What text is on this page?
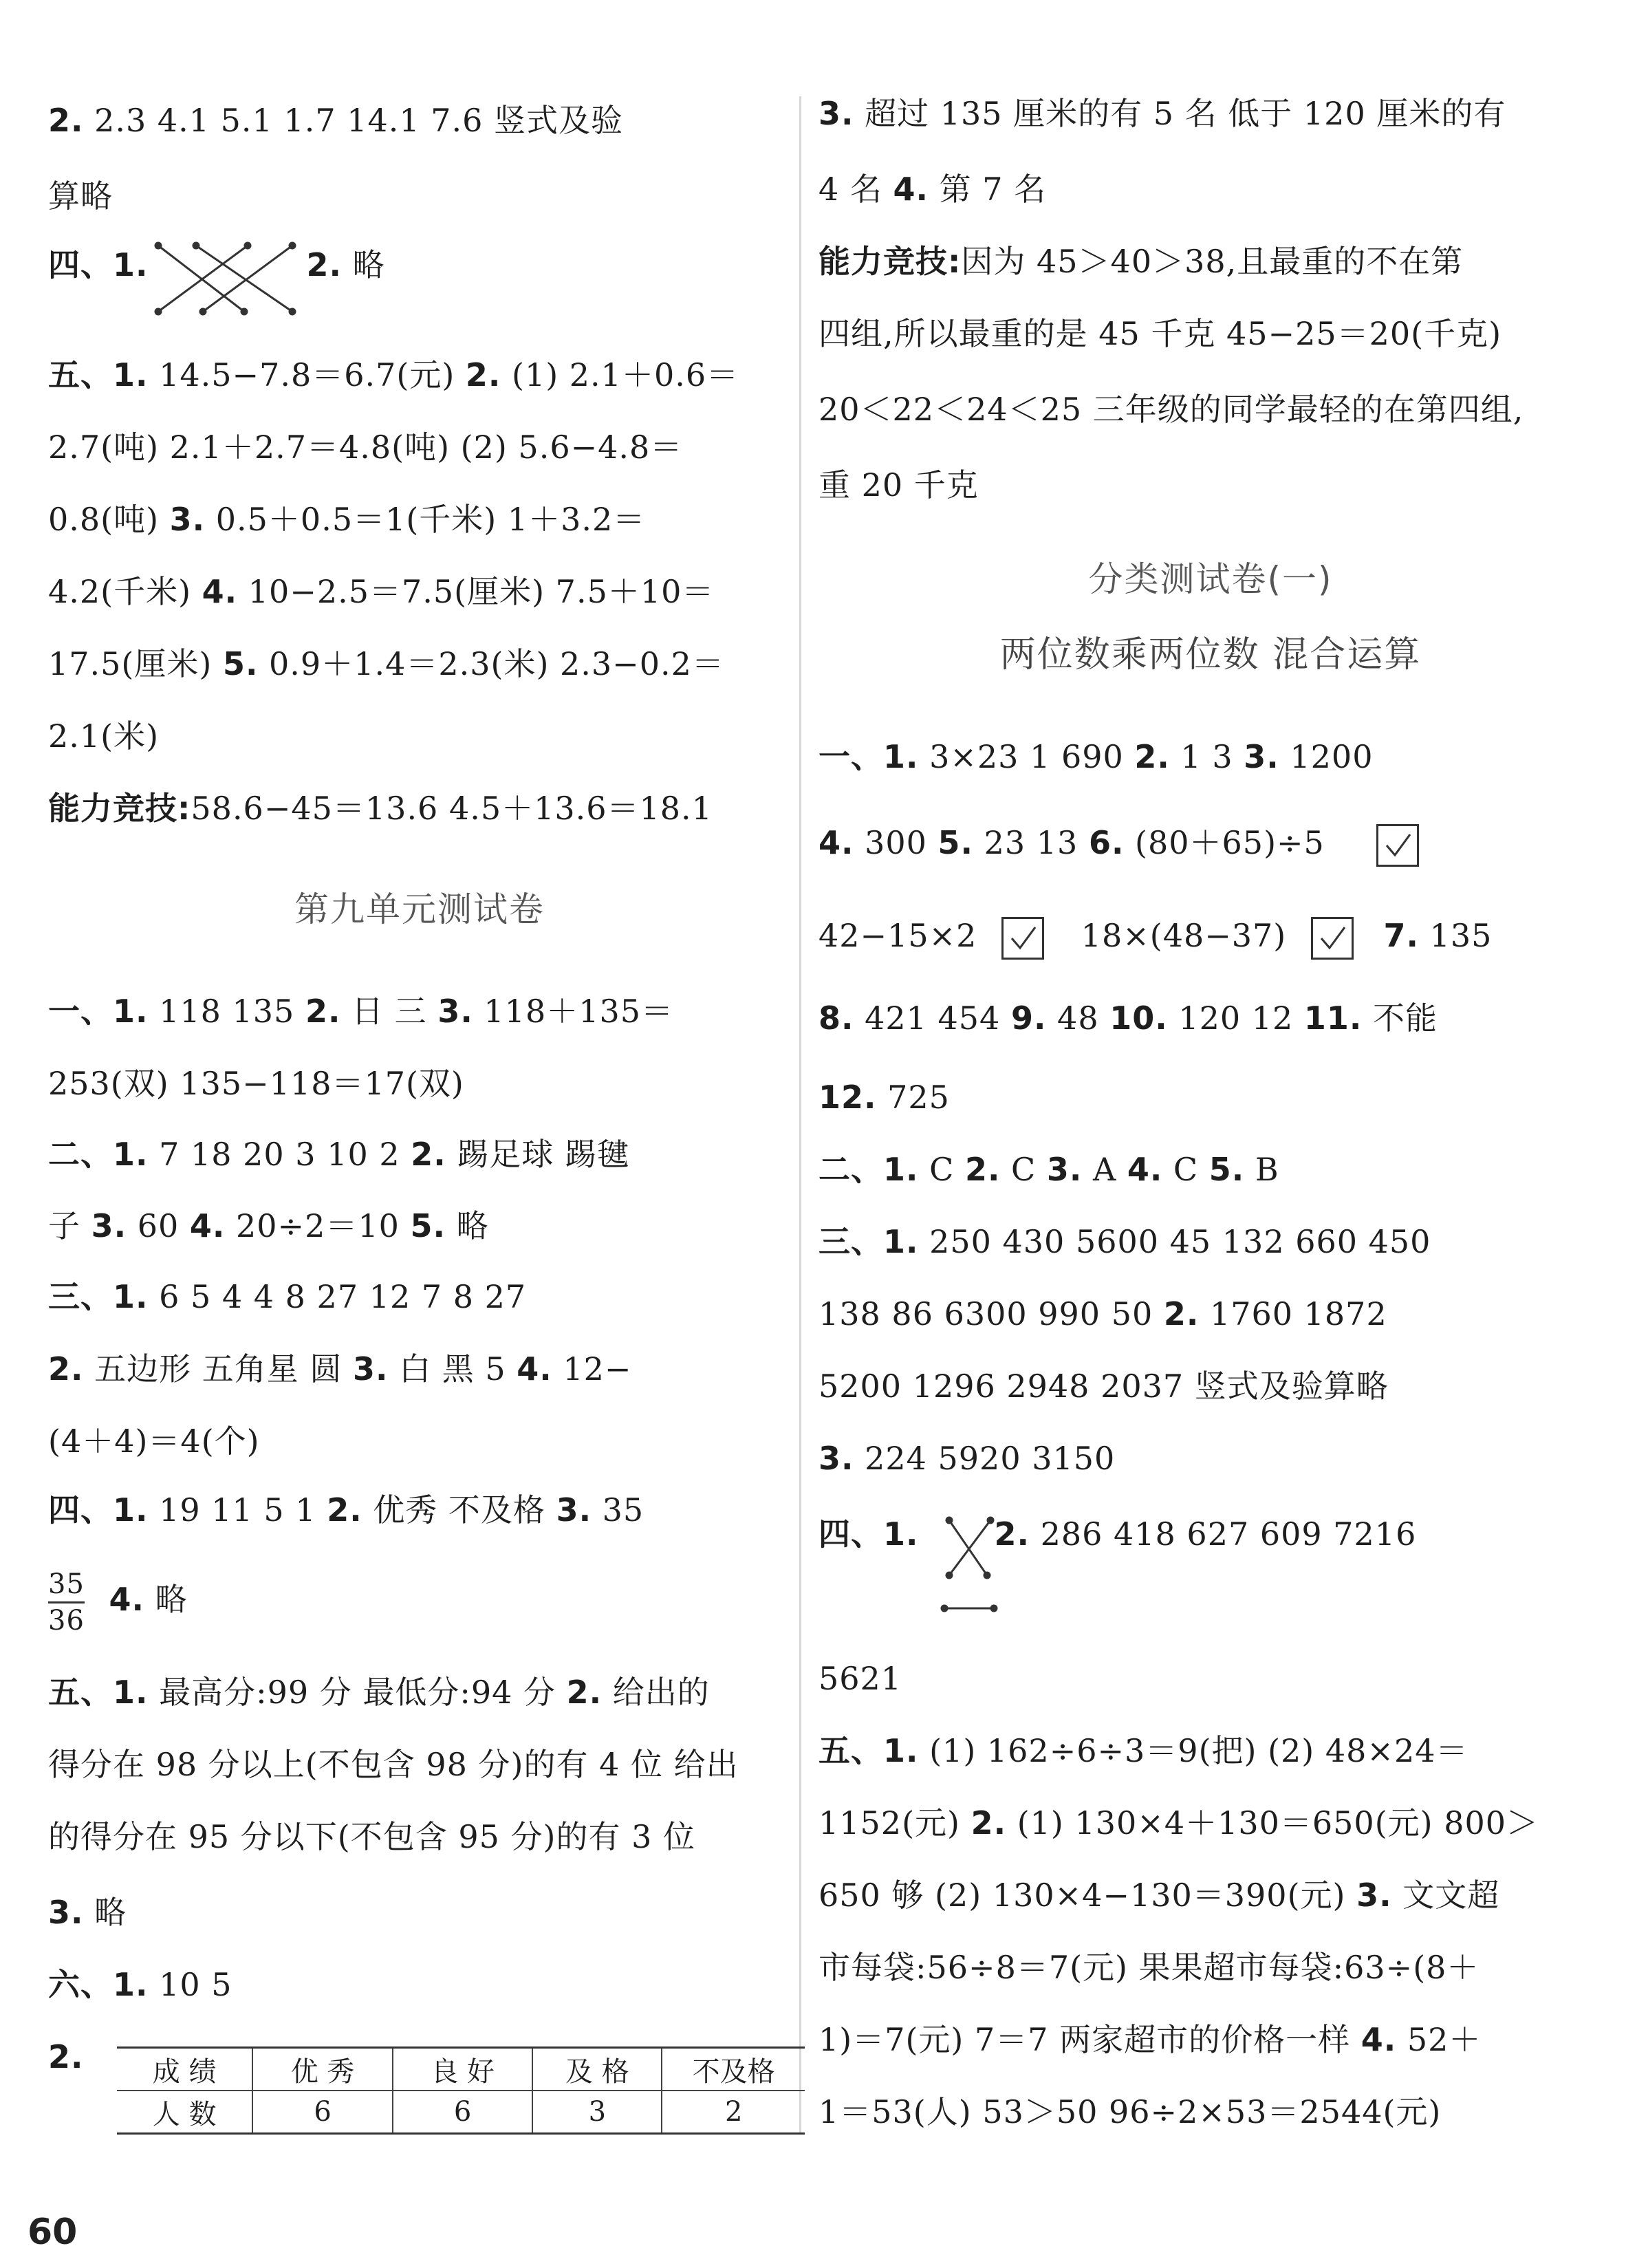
2. 2.3 4.1 5.1 1.7 14.1 7.6 竖式及验
算略
四、1.	2. 略
五、1. 14.5−7.8＝6.7(元) 2. (1) 2.1＋0.6＝
2.7(吨) 2.1＋2.7＝4.8(吨) (2) 5.6−4.8＝
0.8(吨) 3. 0.5＋0.5＝1(千米) 1＋3.2＝
4.2(千米) 4. 10−2.5＝7.5(厘米) 7.5＋10＝
17.5(厘米) 5. 0.9＋1.4＝2.3(米) 2.3−0.2＝
2.1(米)
能力竞技:58.6−45＝13.6 4.5＋13.6＝18.1
第九单元测试卷
一、1. 118 135 2. 日 三 3. 118＋135＝
253(双) 135−118＝17(双)
二、1. 7 18 20 3 10 2 2. 踢足球 踢毽
子 3. 60 4. 20÷2＝10 5. 略
三、1. 6 5 4 4 8 27 12 7 8 27
2. 五边形 五角星 圆 3. 白 黑 5 4. 12−
(4＋4)＝4(个)
四、1. 19 11 5 1 2. 优秀 不及格 3. 35
$\frac{35}{36} 4$. 略
五、1. 最高分:99 分 最低分:94 分 2. 给出的
得分在 98 分以上(不包含 98 分)的有 4 位 给出
的得分在 95 分以下(不包含 95 分)的有 3 位
3. 略
六、1. 10 5
2.	成 绩	优 秀	良 好	及 格	不及格
人 数	6	6	3	2
3. 超过 135 厘米的有 5 名 低于 120 厘米的有
4 名 4. 第 7 名
能力竞技:因为 45＞40＞38,且最重的不在第
四组,所以最重的是 45 千克 45−25＝20(千克)
20＜22＜24＜25 三年级的同学最轻的在第四组,
重 20 千克
分类测试卷(一)
两位数乘两位数 混合运算
一、1. 3×23 1 690 2. 1 3 3. 1200
4. 300 5. 23 13 6. (80＋65)÷5
42−15×2	18×(48−37)	7. 135
8. 421 454 9. 48 10. 120 12 11. 不能
12. 725
二、1. C 2. C 3. A 4. C 5. B
三、1. 250 430 5600 45 132 660 450
138 86 6300 990 50 2. 1760 1872
5200 1296 2948 2037 竖式及验算略
3. 224 5920 3150
四、1. 2. 286 418 627 609 7216
5621
五、1. (1) 162÷6÷3＝9(把) (2) 48×24＝
1152(元) 2. (1) 130×4＋130＝650(元) 800＞
650 够 (2) 130×4−130＝390(元) 3. 文文超
市每袋:56÷8＝7(元) 果果超市每袋:63÷(8＋
1)＝7(元) 7＝7 两家超市的价格一样 4. 52＋
1＝53(人) 53＞50 96÷2×53＝2544(元)
60
